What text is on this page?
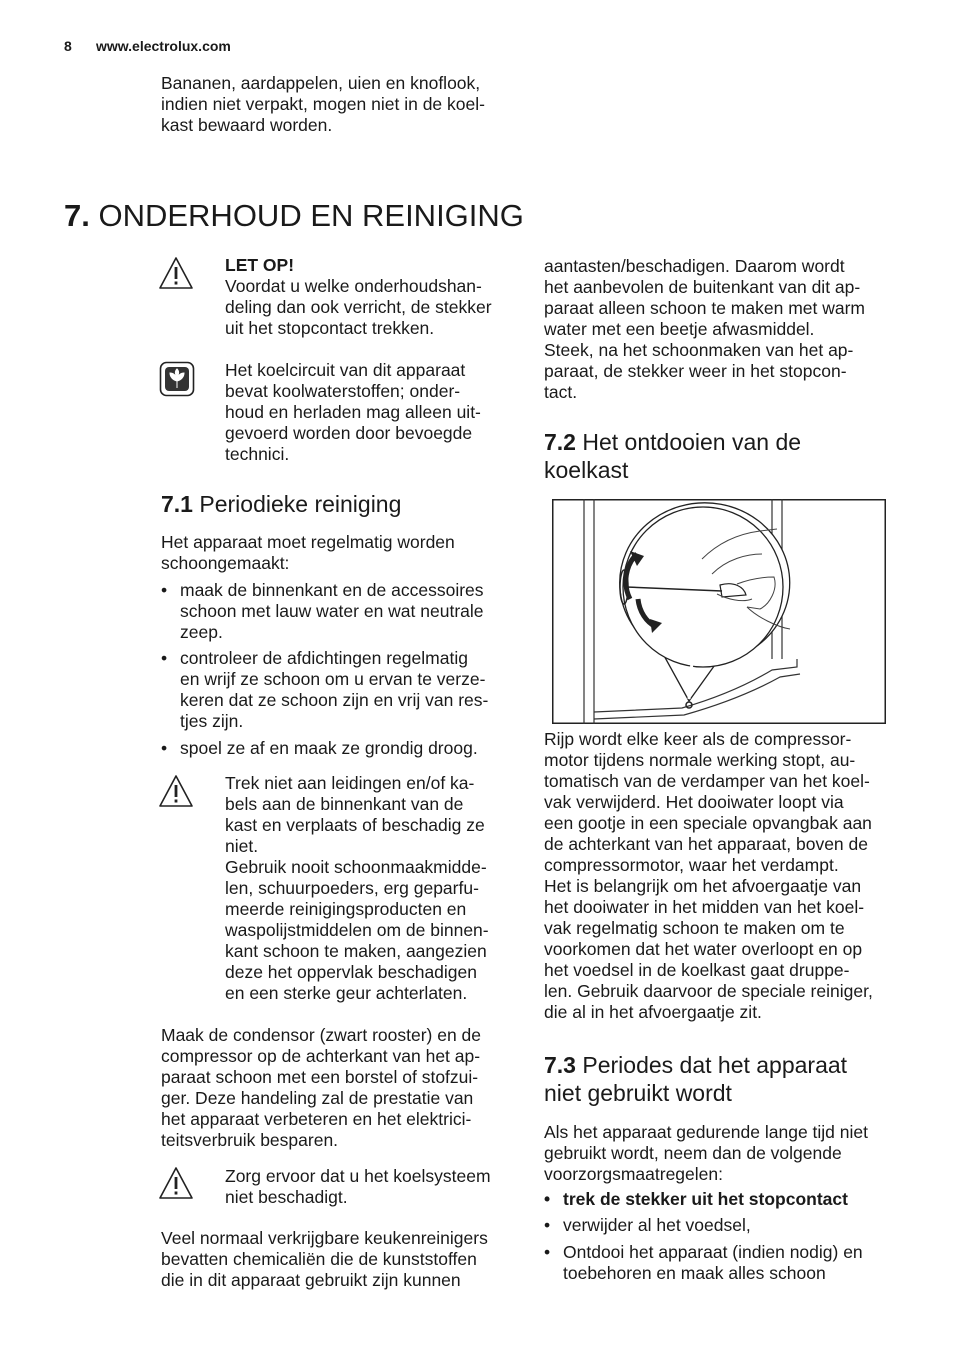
8 www.electrolux.com
Bananen, aardappelen, uien en knoflook,
indien niet verpakt, mogen niet in de koel-
kast bewaard worden.
7. ONDERHOUD EN REINIGING
LET OP!
Voordat u welke onderhoudshan-
deling dan ook verricht, de stekker
uit het stopcontact trekken.
Het koelcircuit van dit apparaat
bevat koolwaterstoffen; onder-
houd en herladen mag alleen uit-
gevoerd worden door bevoegde
technici.
7.1 Periodieke reiniging
Het apparaat moet regelmatig worden
schoongemaakt:
• maak de binnenkant en de accessoires
schoon met lauw water en wat neutrale
zeep.
• controleer de afdichtingen regelmatig
en wrijf ze schoon om u ervan te verze-
keren dat ze schoon zijn en vrij van res-
tjes zijn.
• spoel ze af en maak ze grondig droog.
Trek niet aan leidingen en/of ka-
bels aan de binnenkant van de
kast en verplaats of beschadig ze
niet.
Gebruik nooit schoonmaakmidde-
len, schuurpoeders, erg geparfu-
meerde reinigingsproducten en
waspolijstmiddelen om de binnen-
kant schoon te maken, aangezien
deze het oppervlak beschadigen
en een sterke geur achterlaten.
Maak de condensor (zwart rooster) en de
compressor op de achterkant van het ap-
paraat schoon met een borstel of stofzui-
ger. Deze handeling zal de prestatie van
het apparaat verbeteren en het elektrici-
teitsverbruik besparen.
Zorg ervoor dat u het koelsysteem
niet beschadigt.
Veel normaal verkrijgbare keukenreinigers
bevatten chemicaliën die de kunststoffen
die in dit apparaat gebruikt zijn kunnen
aantasten/beschadigen. Daarom wordt
het aanbevolen de buitenkant van dit ap-
paraat alleen schoon te maken met warm
water met een beetje afwasmiddel.
Steek, na het schoonmaken van het ap-
paraat, de stekker weer in het stopcon-
tact.
7.2 Het ontdooien van de
koelkast
Rijp wordt elke keer als de compressor-
motor tijdens normale werking stopt, au-
tomatisch van de verdamper van het koel-
vak verwijderd. Het dooiwater loopt via
een gootje in een speciale opvangbak aan
de achterkant van het apparaat, boven de
compressormotor, waar het verdampt.
Het is belangrijk om het afvoergaatje van
het dooiwater in het midden van het koel-
vak regelmatig schoon te maken om te
voorkomen dat het water overloopt en op
het voedsel in de koelkast gaat druppe-
len. Gebruik daarvoor de speciale reiniger,
die al in het afvoergaatje zit.
7.3 Periodes dat het apparaat
niet gebruikt wordt
Als het apparaat gedurende lange tijd niet
gebruikt wordt, neem dan de volgende
voorzorgsmaatregelen:
• trek de stekker uit het stopcontact
• verwijder al het voedsel,
• Ontdooi het apparaat (indien nodig) en
toebehoren en maak alles schoon
